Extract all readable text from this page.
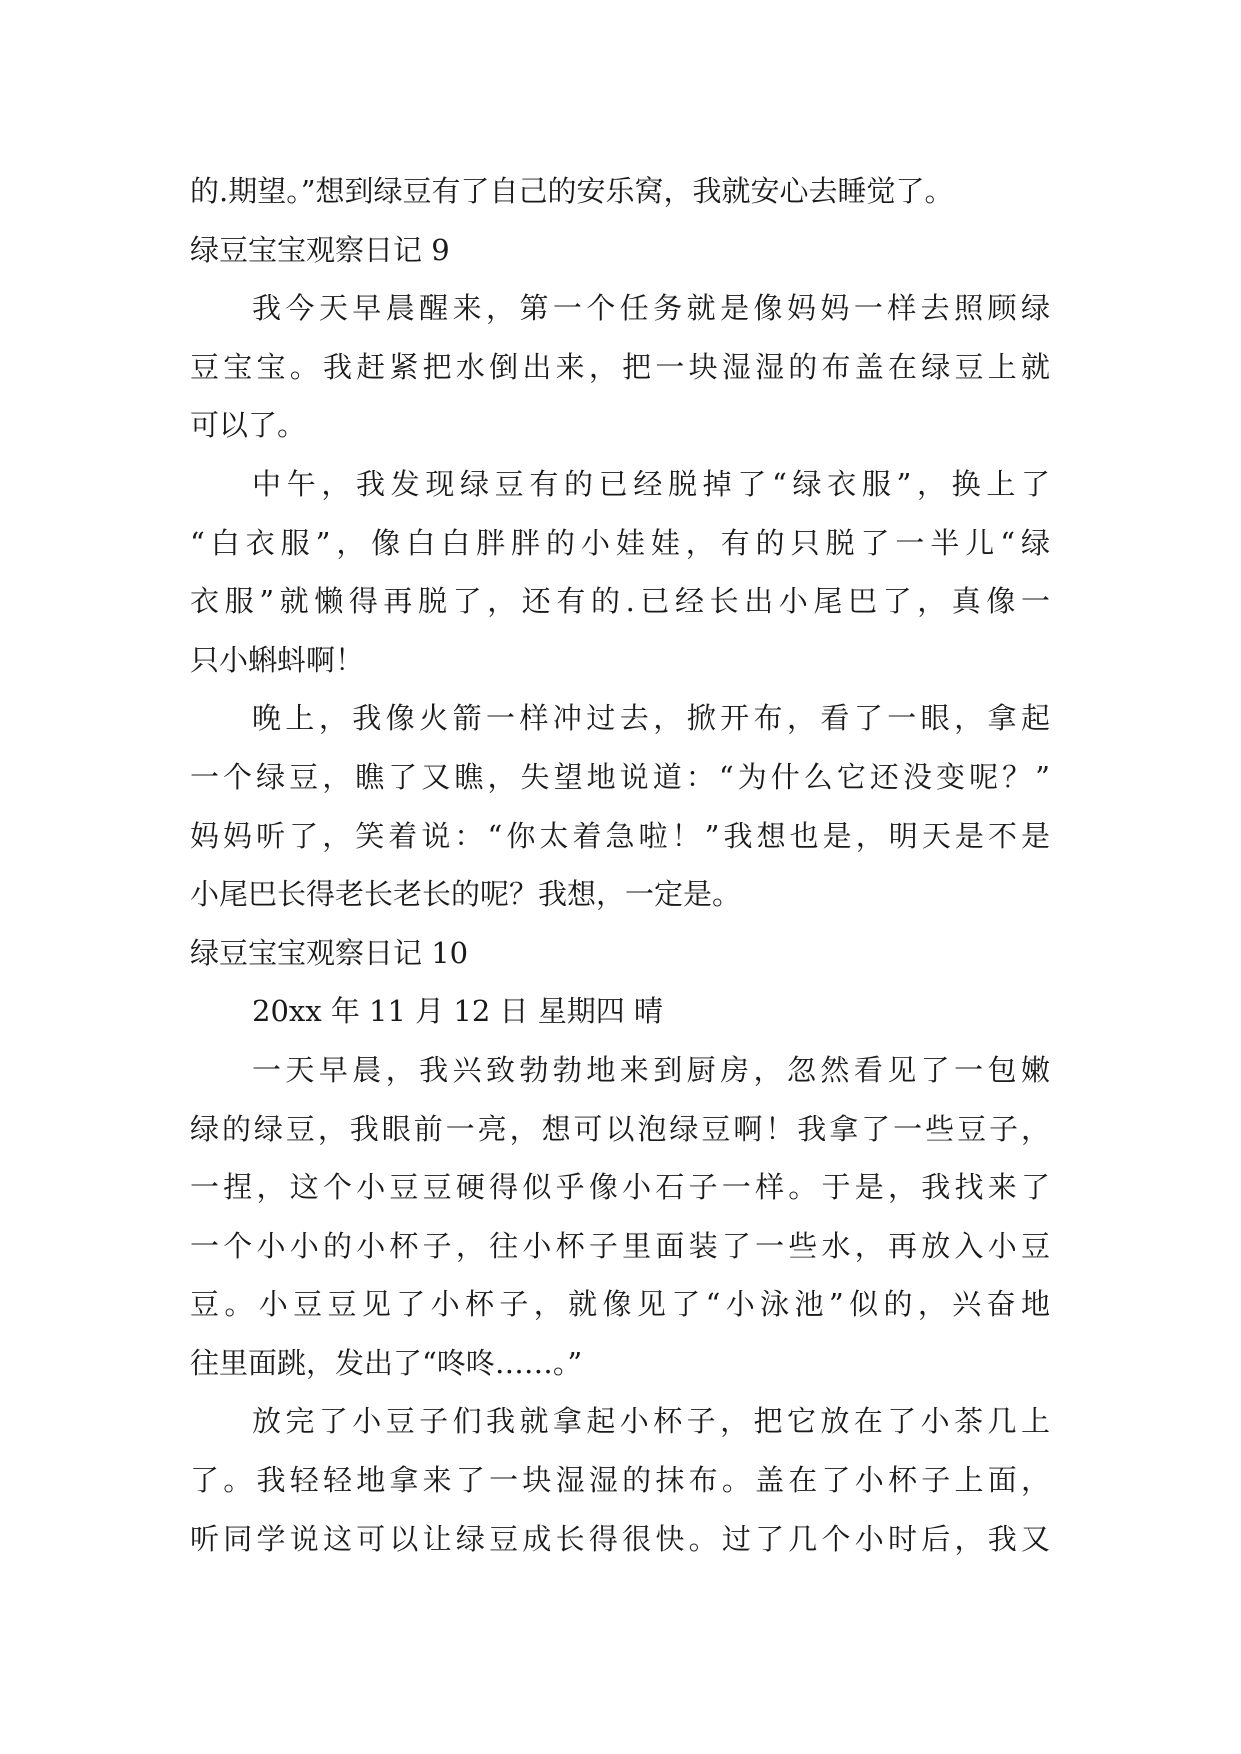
的.期望。”想到绿豆有了自己的安乐窝，我就安心去睡觉了。
绿豆宝宝观察日记 9
我今天早晨醒来，第一个任务就是像妈妈一样去照顾绿
豆宝宝。我赶紧把水倒出来，把一块湿湿的布盖在绿豆上就
可以了。
中午，我发现绿豆有的已经脱掉了“绿衣服”，换上了
“白衣服”，像白白胖胖的小娃娃，有的只脱了一半儿“绿
衣服”就懒得再脱了，还有的.已经长出小尾巴了，真像一
只小蝌蚪啊！
晚上，我像火箭一样冲过去，掀开布，看了一眼，拿起
一个绿豆，瞧了又瞧，失望地说道：“为什么它还没变呢？”
妈妈听了，笑着说：“你太着急啦！”我想也是，明天是不是
小尾巴长得老长老长的呢？我想，一定是。
绿豆宝宝观察日记 10
20xx 年 11 月 12 日 星期四 晴
一天早晨，我兴致勃勃地来到厨房，忽然看见了一包嫩
绿的绿豆，我眼前一亮，想可以泡绿豆啊！我拿了一些豆子，
一捏，这个小豆豆硬得似乎像小石子一样。于是，我找来了
一个小小的小杯子，往小杯子里面装了一些水，再放入小豆
豆。小豆豆见了小杯子，就像见了“小泳池”似的，兴奋地
往里面跳，发出了“咚咚……。”
放完了小豆子们我就拿起小杯子，把它放在了小茶几上
了。我轻轻地拿来了一块湿湿的抹布。盖在了小杯子上面，
听同学说这可以让绿豆成长得很快。过了几个小时后，我又
